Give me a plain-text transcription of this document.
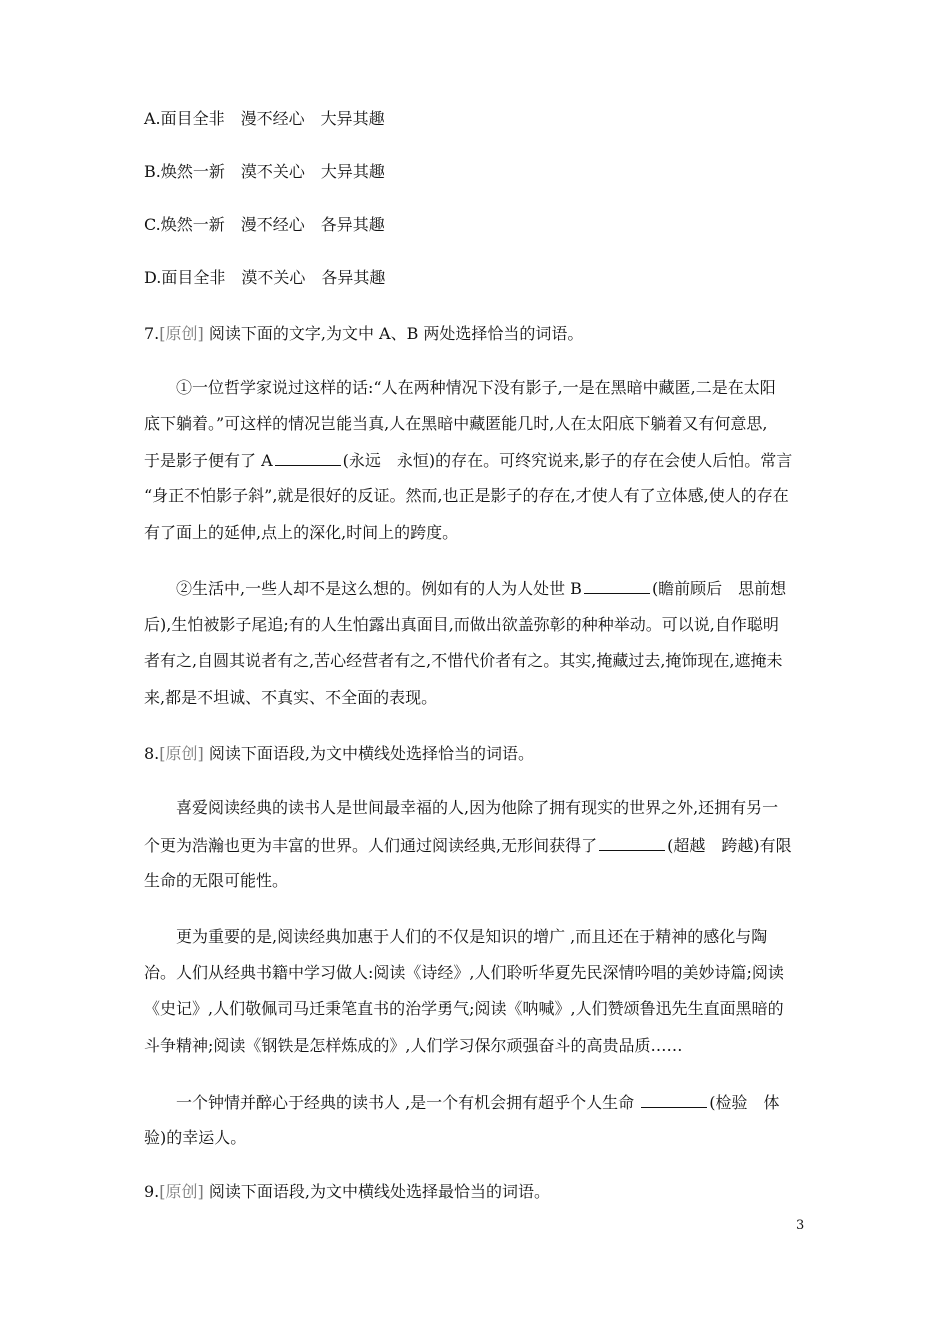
A.面目全非 漫不经心 大异其趣
B.焕然一新 漠不关心 大异其趣
C.焕然一新 漫不经心 各异其趣
D.面目全非 漠不关心 各异其趣
7.[原创] 阅读下面的文字,为文中 A、B 两处选择恰当的词语。
①一位哲学家说过这样的话:“人在两种情况下没有影子,一是在黑暗中藏匿,二是在太阳
底下躺着。”可这样的情况岂能当真,人在黑暗中藏匿能几时,人在太阳底下躺着又有何意思,
于是影子便有了 A	(永远　永恒)的存在。可终究说来,影子的存在会使人后怕。常言
“身正不怕影子斜”,就是很好的反证。然而,也正是影子的存在,才使人有了立体感,使人的存在
有了面上的延伸,点上的深化,时间上的跨度。
②生活中,一些人却不是这么想的。例如有的人为人处世 B	(瞻前顾后　思前想
后),生怕被影子尾追;有的人生怕露出真面目,而做出欲盖弥彰的种种举动。可以说,自作聪明
者有之,自圆其说者有之,苦心经营者有之,不惜代价者有之。其实,掩藏过去,掩饰现在,遮掩未
来,都是不坦诚、不真实、不全面的表现。
8.[原创] 阅读下面语段,为文中横线处选择恰当的词语。
喜爱阅读经典的读书人是世间最幸福的人,因为他除了拥有现实的世界之外,还拥有另一
个更为浩瀚也更为丰富的世界。人们通过阅读经典,无形间获得了	(超越　跨越)有限
生命的无限可能性。
更为重要的是,阅读经典加惠于人们的不仅是知识的增广 ,而且还在于精神的感化与陶
冶。人们从经典书籍中学习做人:阅读《诗经》,人们聆听华夏先民深情吟唱的美妙诗篇;阅读
《史记》,人们敬佩司马迁秉笔直书的治学勇气;阅读《呐喊》,人们赞颂鲁迅先生直面黑暗的
斗争精神;阅读《钢铁是怎样炼成的》,人们学习保尔顽强奋斗的高贵品质……
一个钟情并醉心于经典的读书人 ,是一个有机会拥有超乎个人生命	(检验　体
验)的幸运人。
9.[原创] 阅读下面语段,为文中横线处选择最恰当的词语。
3
